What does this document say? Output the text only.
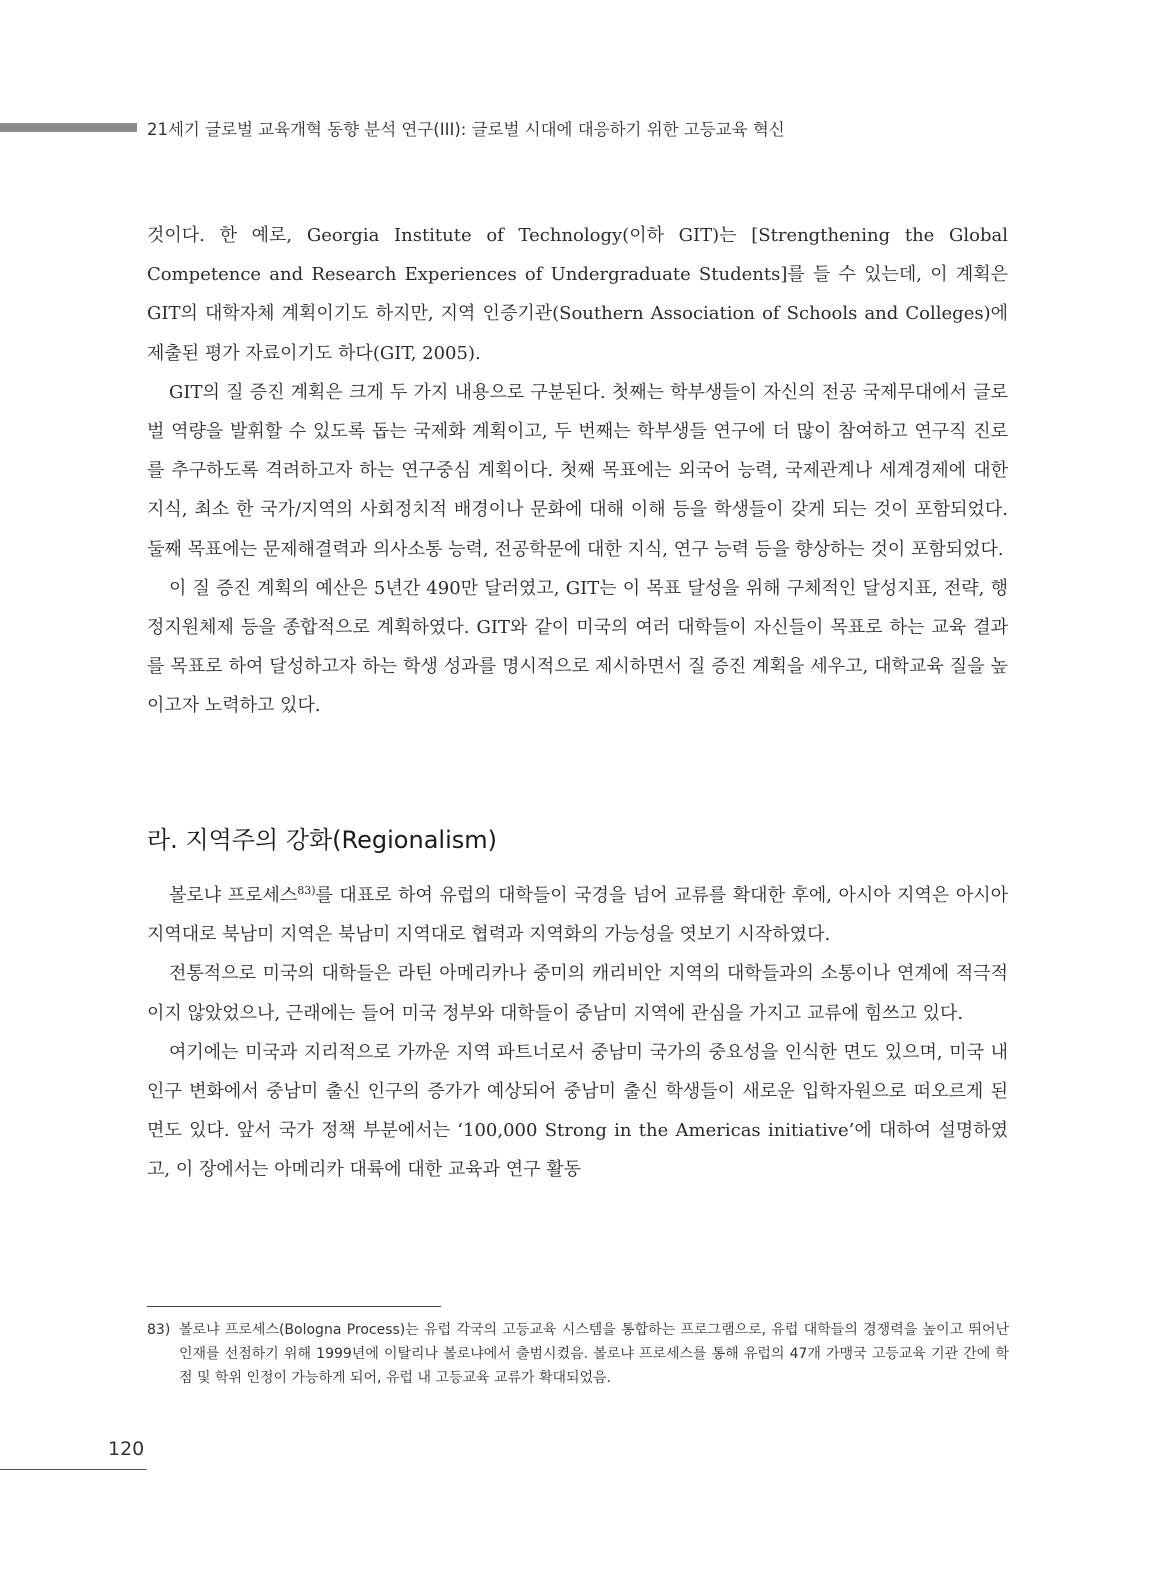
21세기 글로벌 교육개혁 동향 분석 연구(III): 글로벌 시대에 대응하기 위한 고등교육 혁신

것이다. 한 예로, Georgia Institute of Technology(이하 GIT)는 [Strengthening the Global Competence and Research Experiences of Undergraduate Students]를 들 수 있는데, 이 계획은 GIT의 대학자체 계획이기도 하지만, 지역 인증기관(Southern Association of Schools and Colleges)에 제출된 평가 자료이기도 하다(GIT, 2005).

GIT의 질 증진 계획은 크게 두 가지 내용으로 구분된다. 첫째는 학부생들이 자신의 전공 국제무대에서 글로벌 역량을 발휘할 수 있도록 돕는 국제화 계획이고, 두 번째는 학부생들 연구에 더 많이 참여하고 연구직 진로를 추구하도록 격려하고자 하는 연구중심 계획이다. 첫째 목표에는 외국어 능력, 국제관계나 세계경제에 대한 지식, 최소 한 국가/지역의 사회정치적 배경이나 문화에 대해 이해 등을 학생들이 갖게 되는 것이 포함되었다. 둘째 목표에는 문제해결력과 의사소통 능력, 전공학문에 대한 지식, 연구 능력 등을 향상하는 것이 포함되었다.

이 질 증진 계획의 예산은 5년간 490만 달러였고, GIT는 이 목표 달성을 위해 구체적인 달성지표, 전략, 행정지원체제 등을 종합적으로 계획하였다. GIT와 같이 미국의 여러 대학들이 자신들이 목표로 하는 교육 결과를 목표로 하여 달성하고자 하는 학생 성과를 명시적으로 제시하면서 질 증진 계획을 세우고, 대학교육 질을 높이고자 노력하고 있다.

라. 지역주의 강화(Regionalism)

볼로냐 프로세스$^{83)}$를 대표로 하여 유럽의 대학들이 국경을 넘어 교류를 확대한 후에, 아시아 지역은 아시아 지역대로 북남미 지역은 북남미 지역대로 협력과 지역화의 가능성을 엿보기 시작하였다.

전통적으로 미국의 대학들은 라틴 아메리카나 중미의 캐리비안 지역의 대학들과의 소통이나 연계에 적극적이지 않았었으나, 근래에는 들어 미국 정부와 대학들이 중남미 지역에 관심을 가지고 교류에 힘쓰고 있다.

여기에는 미국과 지리적으로 가까운 지역 파트너로서 중남미 국가의 중요성을 인식한 면도 있으며, 미국 내 인구 변화에서 중남미 출신 인구의 증가가 예상되어 중남미 출신 학생들이 새로운 입학자원으로 떠오르게 된 면도 있다. 앞서 국가 정책 부분에서는 ‘100,000 Strong in the Americas initiative’에 대하여 설명하였고, 이 장에서는 아메리카 대륙에 대한 교육과 연구 활동

83) 볼로냐 프로세스(Bologna Process)는 유럽 각국의 고등교육 시스템을 통합하는 프로그램으로, 유럽 대학들의 경쟁력을 높이고 뛰어난 인재를 선점하기 위해 1999년에 이탈리나 볼로냐에서 출범시켰음. 볼로냐 프로세스를 통해 유럽의 47개 가맹국 고등교육 기관 간에 학점 및 학위 인정이 가능하게 되어, 유럽 내 고등교육 교류가 확대되었음.
120
